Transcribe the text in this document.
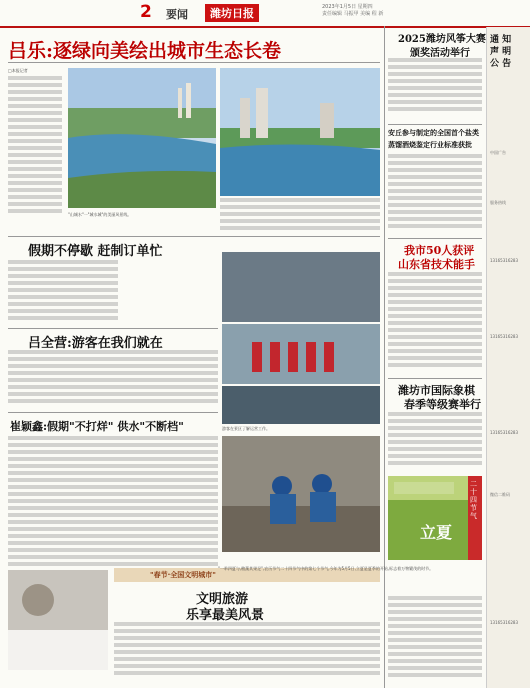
2 要闻	潍坊日报	2023年1月5日 星期四
责任编辑 马振甲 美编 程 新
吕乐:逐绿向美绘出城市生态长卷
□本报记者
"山城水"一"城水城"的美丽风景线。
假期不停歇 赶制订单忙
吕全营:游客在我们就在
游客在景区了解运营工作。
崔颖鑫:假期"不打烊" 供水"不断档"
"春节·全国文明城市"
文明旅游
乐享最美风景
2025潍坊风筝大赛
颁奖活动举行
安丘参与制定的全国首个盐类
蒸馏酒烧鉴定行业标准获批
我市50人获评
山东省技术能手
潍坊市国际象棋
春季等级赛举行
二十四节气
立夏
"一举四夏与,粮蔬其果足",农历节气二十四节气中的第七个节气,今年为5月5日,立夏是夏季的开始,标志着万物繁茂的时节。
通 知
声 明
公 告
中国广告
服务热线
13165316283
13165316283
13165316283
微信二维码
13165316283
